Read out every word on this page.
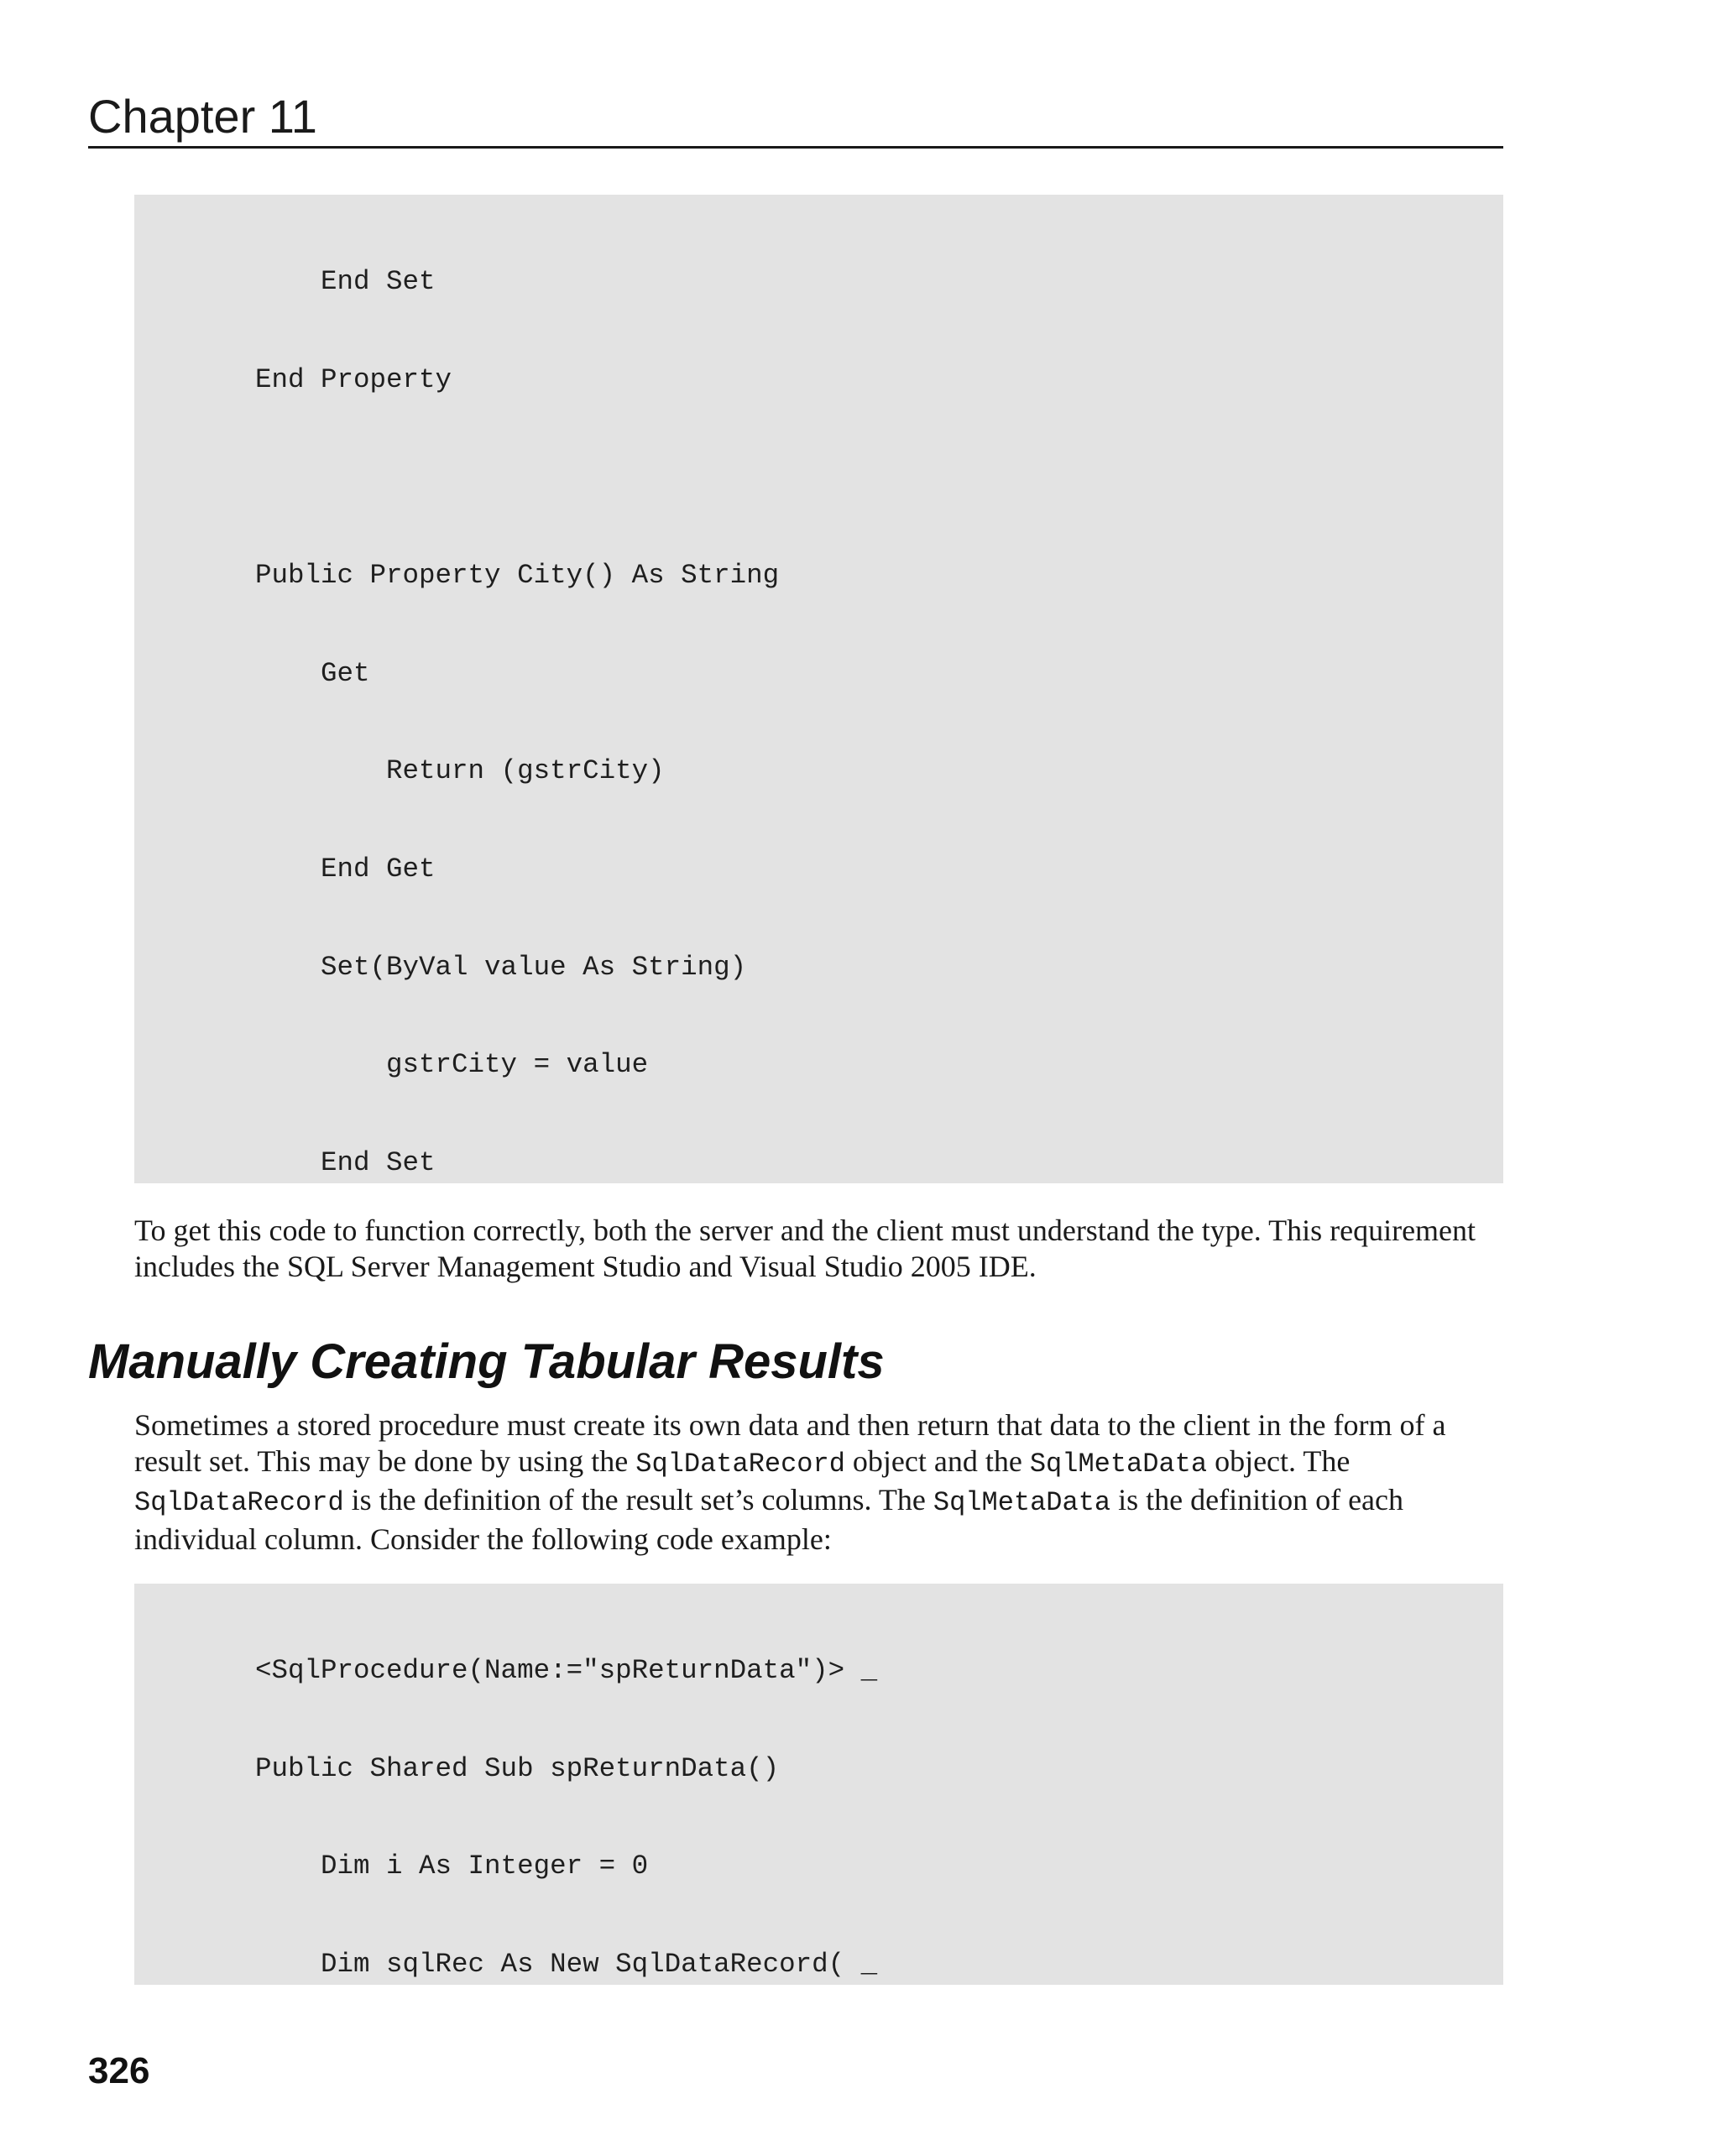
Chapter 11

End Set

End Property

Public Property City() As String

Get

Return (gstrCity)

End Get

Set(ByVal value As String)

gstrCity = value

End Set

To get this code to function correctly, both the server and the client must understand the type. This requirement includes the SQL Server Management Studio and Visual Studio 2005 IDE.

Manually Creating Tabular Results

Sometimes a stored procedure must create its own data and then return that data to the client in the form of a result set. This may be done by using the SqlDataRecord object and the SqlMetaData object. The SqlDataRecord is the definition of the result set’s columns. The SqlMetaData is the definition of each individual column. Consider the following code example:

<SqlProcedure(Name:="spReturnData")> _

Public Shared Sub spReturnData()

Dim i As Integer = 0

Dim sqlRec As New SqlDataRecord( _

326
